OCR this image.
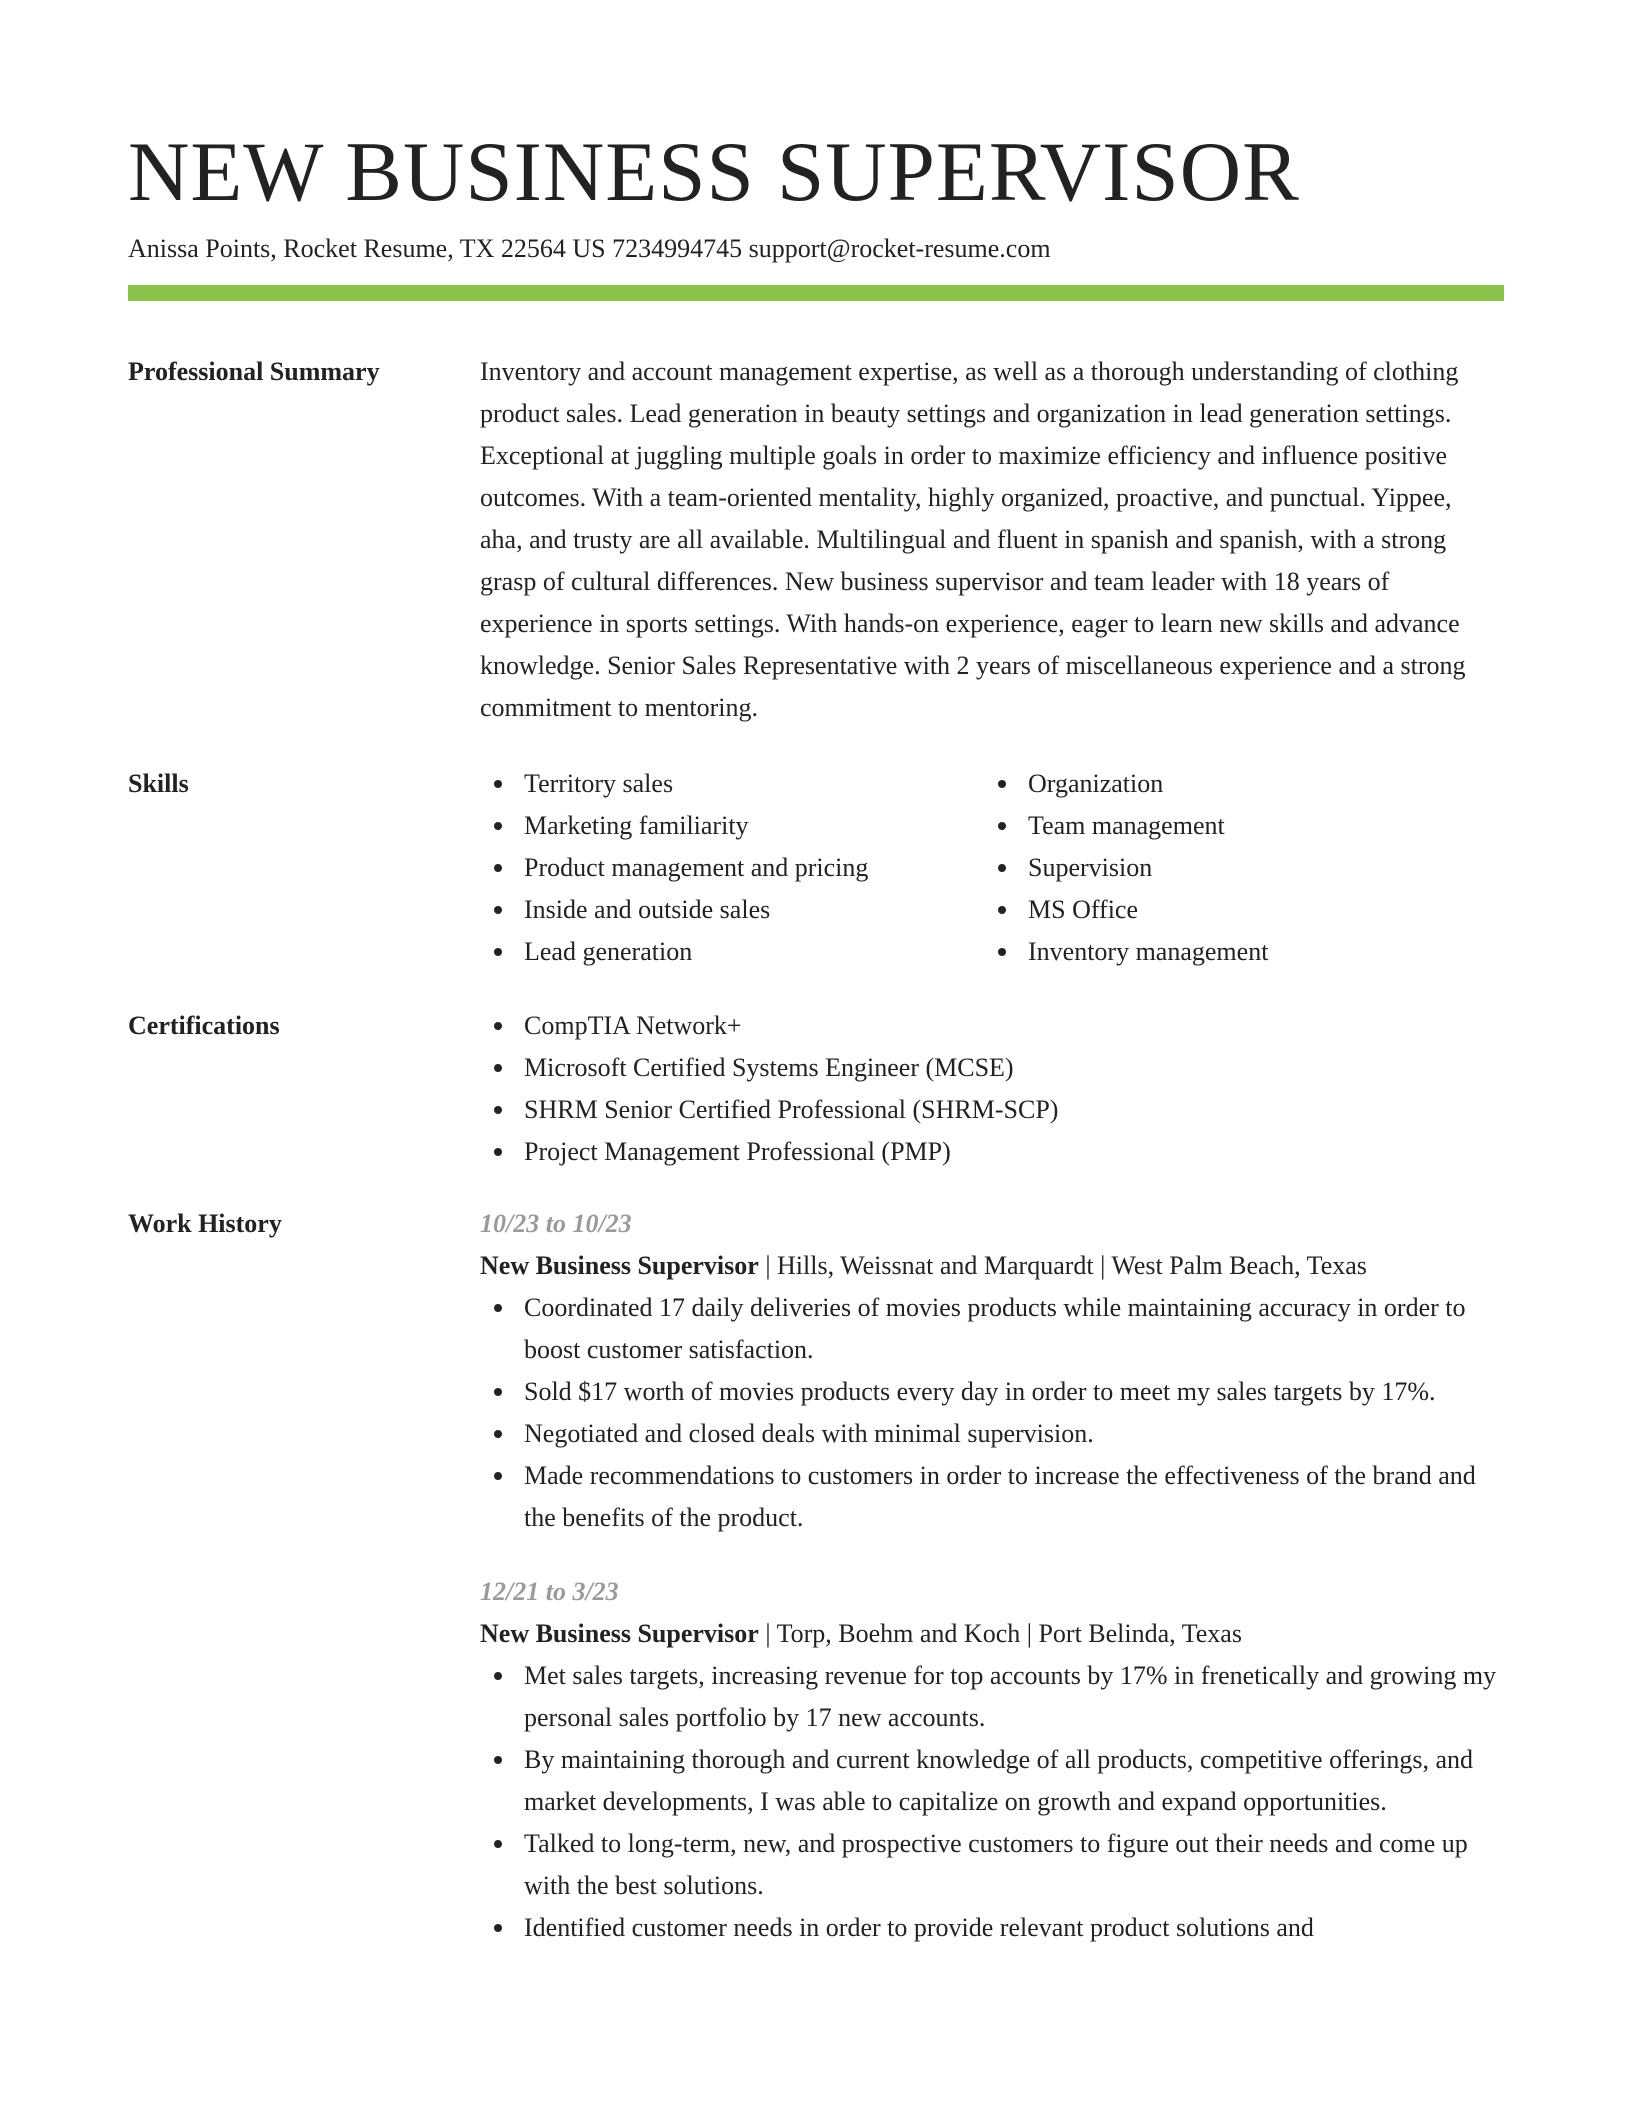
NEW BUSINESS SUPERVISOR
Anissa Points, Rocket Resume, TX 22564 US 7234994745 support@rocket-resume.com
Professional Summary	Inventory and account management expertise, as well as a thorough understanding of clothing product sales. Lead generation in beauty settings and organization in lead generation settings. Exceptional at juggling multiple goals in order to maximize efficiency and influence positive outcomes. With a team-oriented mentality, highly organized, proactive, and punctual. Yippee, aha, and trusty are all available. Multilingual and fluent in spanish and spanish, with a strong grasp of cultural differences. New business supervisor and team leader with 18 years of experience in sports settings. With hands-on experience, eager to learn new skills and advance knowledge. Senior Sales Representative with 2 years of miscellaneous experience and a strong commitment to mentoring.

Skills	Territory sales
Marketing familiarity
Product management and pricing
Inside and outside sales
Lead generation
Organization
Team management
Supervision
MS Office
Inventory management
Certifications	CompTIA Network+
Microsoft Certified Systems Engineer (MCSE)
SHRM Senior Certified Professional (SHRM-SCP)
Project Management Professional (PMP)
Work History	10/23 to 10/23
New Business Supervisor | Hills, Weissnat and Marquardt | West Palm Beach, Texas
Coordinated 17 daily deliveries of movies products while maintaining accuracy in order to boost customer satisfaction.
Sold $17 worth of movies products every day in order to meet my sales targets by 17%.
Negotiated and closed deals with minimal supervision.
Made recommendations to customers in order to increase the effectiveness of the brand and the benefits of the product.
12/21 to 3/23
New Business Supervisor | Torp, Boehm and Koch | Port Belinda, Texas
Met sales targets, increasing revenue for top accounts by 17% in frenetically and growing my personal sales portfolio by 17 new accounts.
By maintaining thorough and current knowledge of all products, competitive offerings, and market developments, I was able to capitalize on growth and expand opportunities.
Talked to long-term, new, and prospective customers to figure out their needs and come up with the best solutions.
Identified customer needs in order to provide relevant product solutions and
